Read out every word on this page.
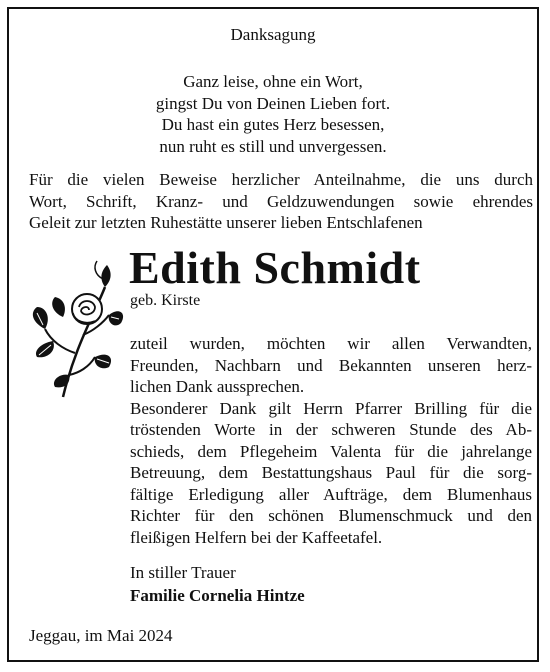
Danksagung
Ganz leise, ohne ein Wort,
gingst Du von Deinen Lieben fort.
Du hast ein gutes Herz besessen,
nun ruht es still und unvergessen.
Für die vielen Beweise herzlicher Anteilnahme, die uns durch
Wort, Schrift, Kranz- und Geldzuwendungen sowie ehrendes
Geleit zur letzten Ruhestätte unserer lieben Entschlafenen
Edith Schmidt
geb. Kirste
zuteil wurden, möchten wir allen Verwandten,
Freunden, Nachbarn und Bekannten unseren herz-
lichen Dank aussprechen.
Besonderer Dank gilt Herrn Pfarrer Brilling für die
tröstenden Worte in der schweren Stunde des Ab-
schieds, dem Pflegeheim Valenta für die jahrelange
Betreuung, dem Bestattungshaus Paul für die sorg-
fältige Erledigung aller Aufträge, dem Blumenhaus
Richter für den schönen Blumenschmuck und den
fleißigen Helfern bei der Kaffeetafel.
In stiller Trauer
Familie Cornelia Hintze
Jeggau, im Mai 2024
